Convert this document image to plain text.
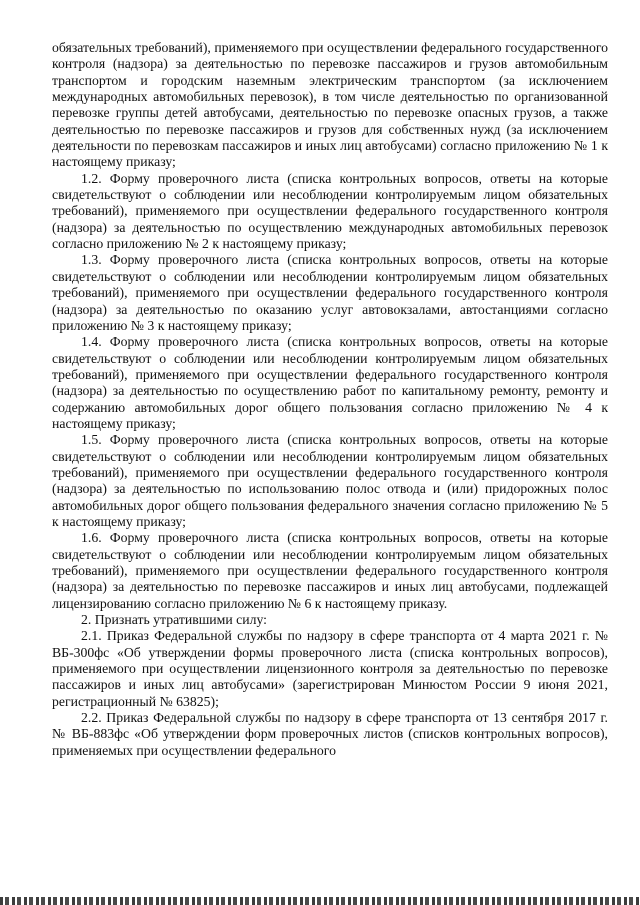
обязательных требований), применяемого при осуществлении федерального государственного контроля (надзора) за деятельностью по перевозке пассажиров и грузов автомобильным транспортом и городским наземным электрическим транспортом (за исключением международных автомобильных перевозок), в том числе деятельностью по организованной перевозке группы детей автобусами, деятельностью по перевозке опасных грузов, а также деятельностью по перевозке пассажиров и грузов для собственных нужд (за исключением деятельности по перевозкам пассажиров и иных лиц автобусами) согласно приложению № 1 к настоящему приказу;

1.2. Форму проверочного листа (списка контрольных вопросов, ответы на которые свидетельствуют о соблюдении или несоблюдении контролируемым лицом обязательных требований), применяемого при осуществлении федерального государственного контроля (надзора) за деятельностью по осуществлению международных автомобильных перевозок согласно приложению № 2 к настоящему приказу;

1.3. Форму проверочного листа (списка контрольных вопросов, ответы на которые свидетельствуют о соблюдении или несоблюдении контролируемым лицом обязательных требований), применяемого при осуществлении федерального государственного контроля (надзора) за деятельностью по оказанию услуг автовокзалами, автостанциями согласно приложению № 3 к настоящему приказу;

1.4. Форму проверочного листа (списка контрольных вопросов, ответы на которые свидетельствуют о соблюдении или несоблюдении контролируемым лицом обязательных требований), применяемого при осуществлении федерального государственного контроля (надзора) за деятельностью по осуществлению работ по капитальному ремонту, ремонту и содержанию автомобильных дорог общего пользования согласно приложению № 4 к настоящему приказу;

1.5. Форму проверочного листа (списка контрольных вопросов, ответы на которые свидетельствуют о соблюдении или несоблюдении контролируемым лицом обязательных требований), применяемого при осуществлении федерального государственного контроля (надзора) за деятельностью по использованию полос отвода и (или) придорожных полос автомобильных дорог общего пользования федерального значения согласно приложению № 5 к настоящему приказу;

1.6. Форму проверочного листа (списка контрольных вопросов, ответы на которые свидетельствуют о соблюдении или несоблюдении контролируемым лицом обязательных требований), применяемого при осуществлении федерального государственного контроля (надзора) за деятельностью по перевозке пассажиров и иных лиц автобусами, подлежащей лицензированию согласно приложению № 6 к настоящему приказу.

2. Признать утратившими силу:

2.1. Приказ Федеральной службы по надзору в сфере транспорта от 4 марта 2021 г. № ВБ-300фс «Об утверждении формы проверочного листа (списка контрольных вопросов), применяемого при осуществлении лицензионного контроля за деятельностью по перевозке пассажиров и иных лиц автобусами» (зарегистрирован Минюстом России 9 июня 2021, регистрационный № 63825);

2.2. Приказ Федеральной службы по надзору в сфере транспорта от 13 сентября 2017 г. № ВБ-883фс «Об утверждении форм проверочных листов (списков контрольных вопросов), применяемых при осуществлении федерального
